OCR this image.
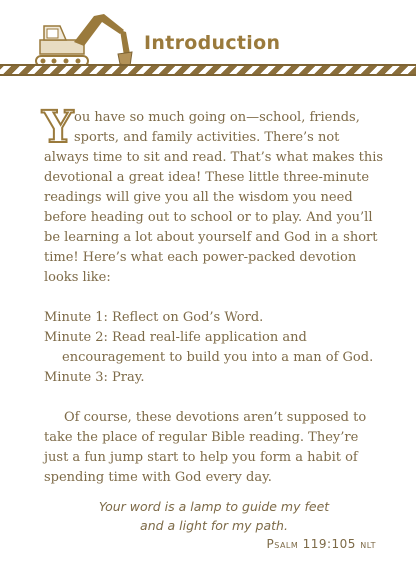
Introduction

You have so much going on—school, friends, sports, and family activities. There’s not always time to sit and read. That’s what makes this devotional a great idea! These little three-minute readings will give you all the wisdom you need before heading out to school or to play. And you’ll be learning a lot about yourself and God in a short time! Here’s what each power-packed devotion looks like:

Minute 1: Reflect on God’s Word.
Minute 2: Read real-life application and encouragement to build you into a man of God.
Minute 3: Pray.

Of course, these devotions aren’t supposed to take the place of regular Bible reading. They’re just a fun jump start to help you form a habit of spending time with God every day.

Your word is a lamp to guide my feet
and a light for my path.
Psalm 119:105 nlt
